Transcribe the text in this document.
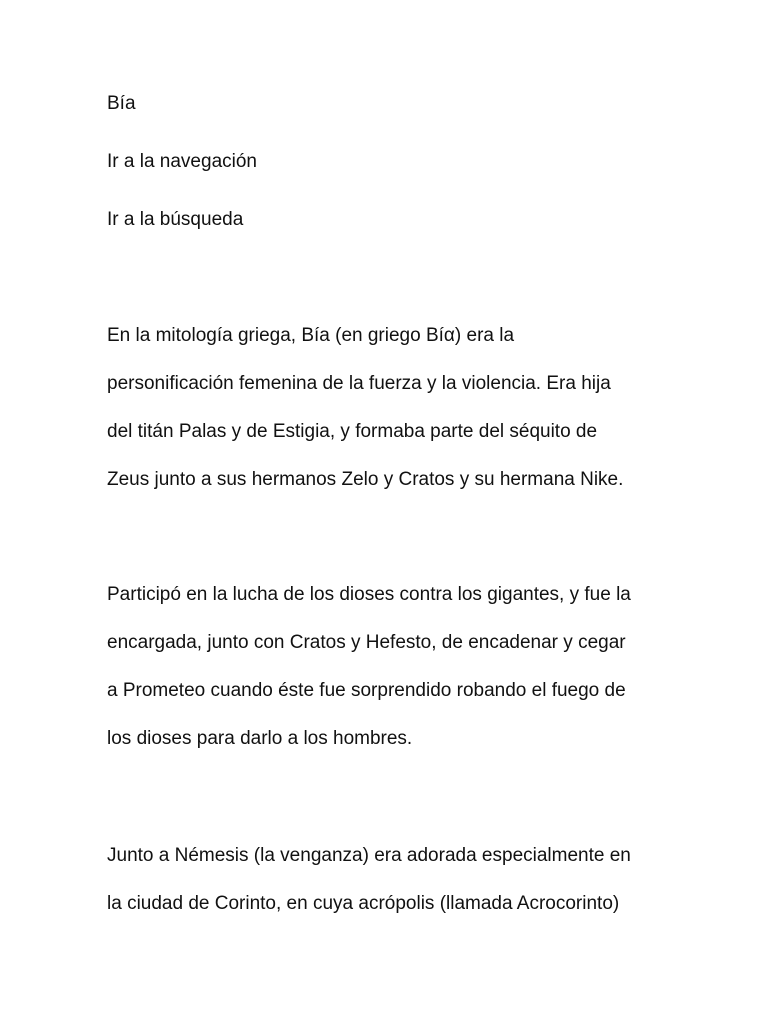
Bía

Ir a la navegación

Ir a la búsqueda

En la mitología griega, Bía (en griego Bíα) era la

personificación femenina de la fuerza y la violencia. Era hija

del titán Palas y de Estigia, y formaba parte del séquito de

Zeus junto a sus hermanos Zelo y Cratos y su hermana Nike.

Participó en la lucha de los dioses contra los gigantes, y fue la

encargada, junto con Cratos y Hefesto, de encadenar y cegar

a Prometeo cuando éste fue sorprendido robando el fuego de

los dioses para darlo a los hombres.

Junto a Némesis (la venganza) era adorada especialmente en

la ciudad de Corinto, en cuya acrópolis (llamada Acrocorinto)
